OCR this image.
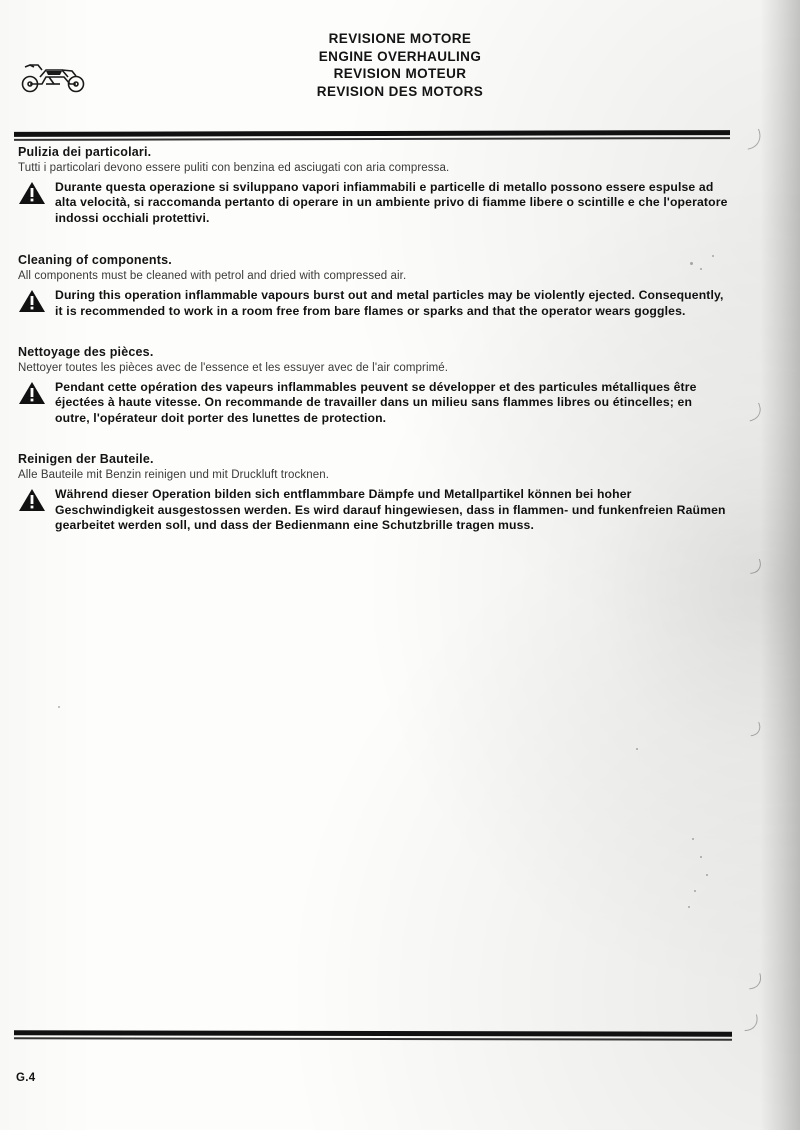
REVISIONE MOTORE
ENGINE OVERHAULING
REVISION MOTEUR
REVISION DES MOTORS

Pulizia dei particolari.

Tutti i particolari devono essere puliti con benzina ed asciugati con aria compressa.

Durante questa operazione si sviluppano vapori infiammabili e particelle di metallo possono essere espulse ad alta velocità, si raccomanda pertanto di operare in un ambiente privo di fiamme libere o scintille e che l'operatore indossi occhiali protettivi.

Cleaning of components.

All components must be cleaned with petrol and dried with compressed air.

During this operation inflammable vapours burst out and metal particles may be violently ejected. Consequently, it is recommended to work in a room free from bare flames or sparks and that the operator wears goggles.

Nettoyage des pièces.

Nettoyer toutes les pièces avec de l'essence et les essuyer avec de l'air comprimé.

Pendant cette opération des vapeurs inflammables peuvent se développer et des particules métalliques être éjectées à haute vitesse. On recommande de travailler dans un milieu sans flammes libres ou étincelles; en outre, l'opérateur doit porter des lunettes de protection.

Reinigen der Bauteile.

Alle Bauteile mit Benzin reinigen und mit Druckluft trocknen.

Während dieser Operation bilden sich entflammbare Dämpfe und Metallpartikel können bei hoher Geschwindigkeit ausgestossen werden. Es wird darauf hingewiesen, dass in flammen- und funkenfreien Raümen gearbeitet werden soll, und dass der Bedienmann eine Schutzbrille tragen muss.
G.4
